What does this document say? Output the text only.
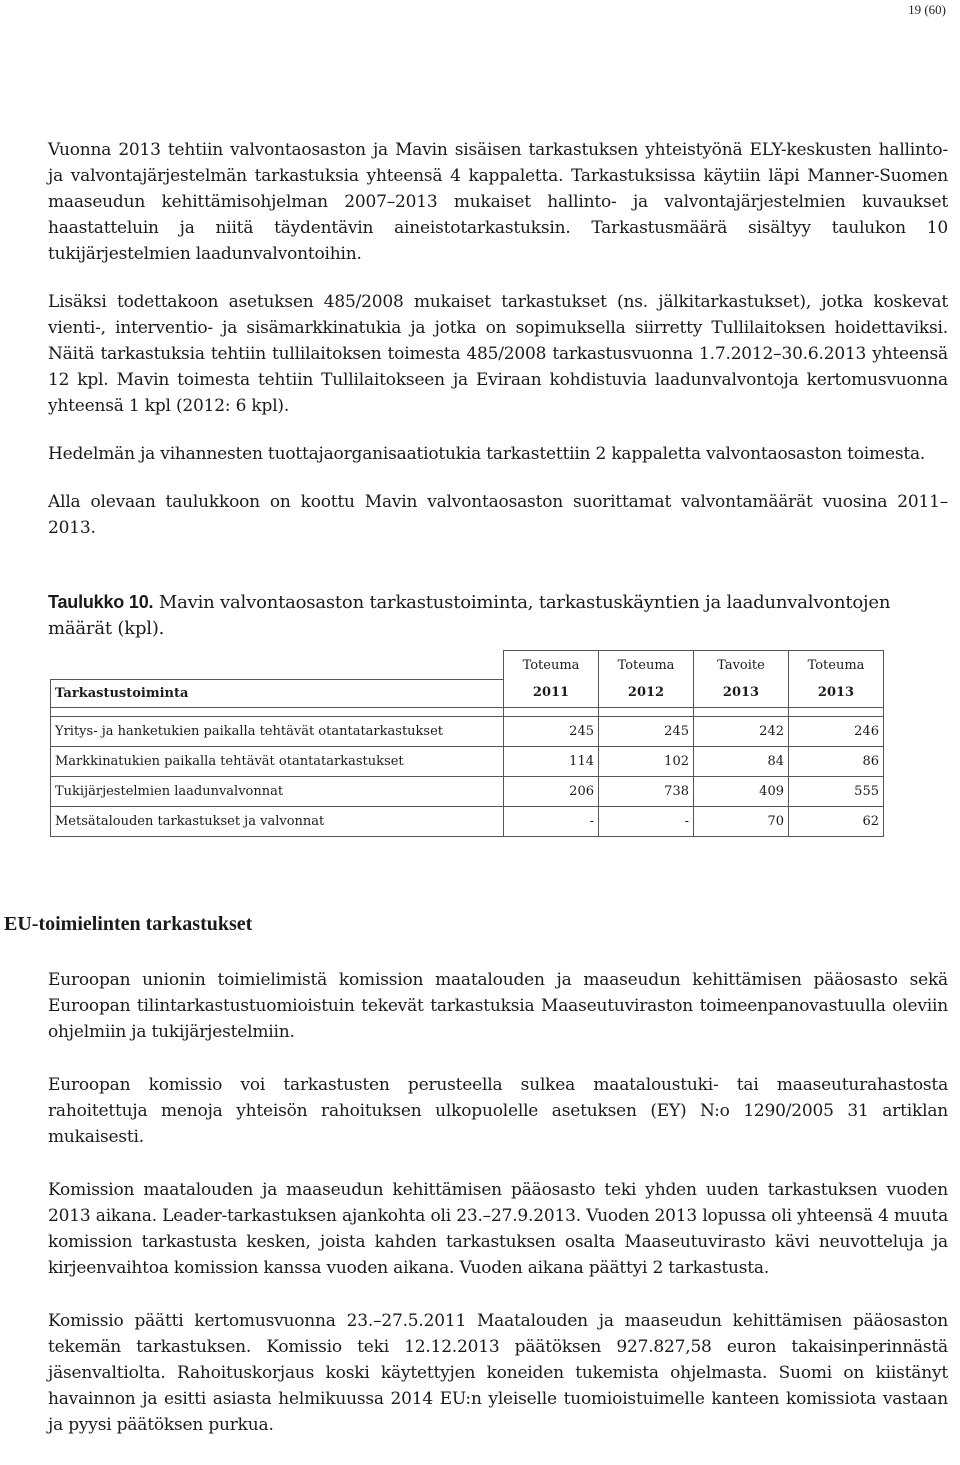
19 (60)

Vuonna 2013 tehtiin valvontaosaston ja Mavin sisäisen tarkastuksen yhteistyönä ELY-keskusten hallinto- ja valvontajärjestelmän tarkastuksia yhteensä 4 kappaletta. Tarkastuksissa käytiin läpi Manner-Suomen maaseudun kehittämisohjelman 2007–2013 mukaiset hallinto- ja valvontajärjestelmien kuvaukset haastatteluin ja niitä täydentävin aineistotarkastuksin. Tarkastusmäärä sisältyy taulukon 10 tukijärjestelmien laadunvalvontoihin.

Lisäksi todettakoon asetuksen 485/2008 mukaiset tarkastukset (ns. jälkitarkastukset), jotka koskevat vienti-, interventio- ja sisämarkkinatukia ja jotka on sopimuksella siirretty Tullilaitoksen hoidettaviksi. Näitä tarkastuksia tehtiin tullilaitoksen toimesta 485/2008 tarkastusvuonna 1.7.2012–30.6.2013 yhteensä 12 kpl. Mavin toimesta tehtiin Tullilaitokseen ja Eviraan kohdistuvia laadunvalvontoja kertomusvuonna yhteensä 1 kpl (2012: 6 kpl).

Hedelmän ja vihannesten tuottajaorganisaatiotukia tarkastettiin 2 kappaletta valvontaosaston toimesta.

Alla olevaan taulukkoon on koottu Mavin valvontaosaston suorittamat valvontamäärät vuosina 2011–2013.

Taulukko 10. Mavin valvontaosaston tarkastustoiminta, tarkastuskäyntien ja laadunvalvontojen määrät (kpl).
	Toteuma	Toteuma	Tavoite	Toteuma
Tarkastustoiminta	2011	2012	2013	2013

Yritys- ja hanketukien paikalla tehtävät otantatarkastukset	245	245	242	246
Markkinatukien paikalla tehtävät otantatarkastukset	114	102	84	86
Tukijärjestelmien laadunvalvonnat	206	738	409	555
Metsätalouden tarkastukset ja valvonnat	-	-	70	62
EU-toimielinten tarkastukset

Euroopan unionin toimielimistä komission maatalouden ja maaseudun kehittämisen pääosasto sekä Euroopan tilintarkastustuomioistuin tekevät tarkastuksia Maaseutuviraston toimeenpanovastuulla oleviin ohjelmiin ja tukijärjestelmiin.

Euroopan komissio voi tarkastusten perusteella sulkea maataloustuki- tai maaseuturahastosta rahoitettuja menoja yhteisön rahoituksen ulkopuolelle asetuksen (EY) N:o 1290/2005 31 artiklan mukaisesti.

Komission maatalouden ja maaseudun kehittämisen pääosasto teki yhden uuden tarkastuksen vuoden 2013 aikana. Leader-tarkastuksen ajankohta oli 23.–27.9.2013. Vuoden 2013 lopussa oli yhteensä 4 muuta komission tarkastusta kesken, joista kahden tarkastuksen osalta Maaseutuvirasto kävi neuvotteluja ja kirjeenvaihtoa komission kanssa vuoden aikana. Vuoden aikana päättyi 2 tarkastusta.

Komissio päätti kertomusvuonna 23.–27.5.2011 Maatalouden ja maaseudun kehittämisen pääosaston tekemän tarkastuksen. Komissio teki 12.12.2013 päätöksen 927.827,58 euron takaisinperinnästä jäsenvaltiolta. Rahoituskorjaus koski käytettyjen koneiden tukemista ohjelmasta. Suomi on kiistänyt havainnon ja esitti asiasta helmikuussa 2014 EU:n yleiselle tuomioistuimelle kanteen komissiota vastaan ja pyysi päätöksen purkua.
